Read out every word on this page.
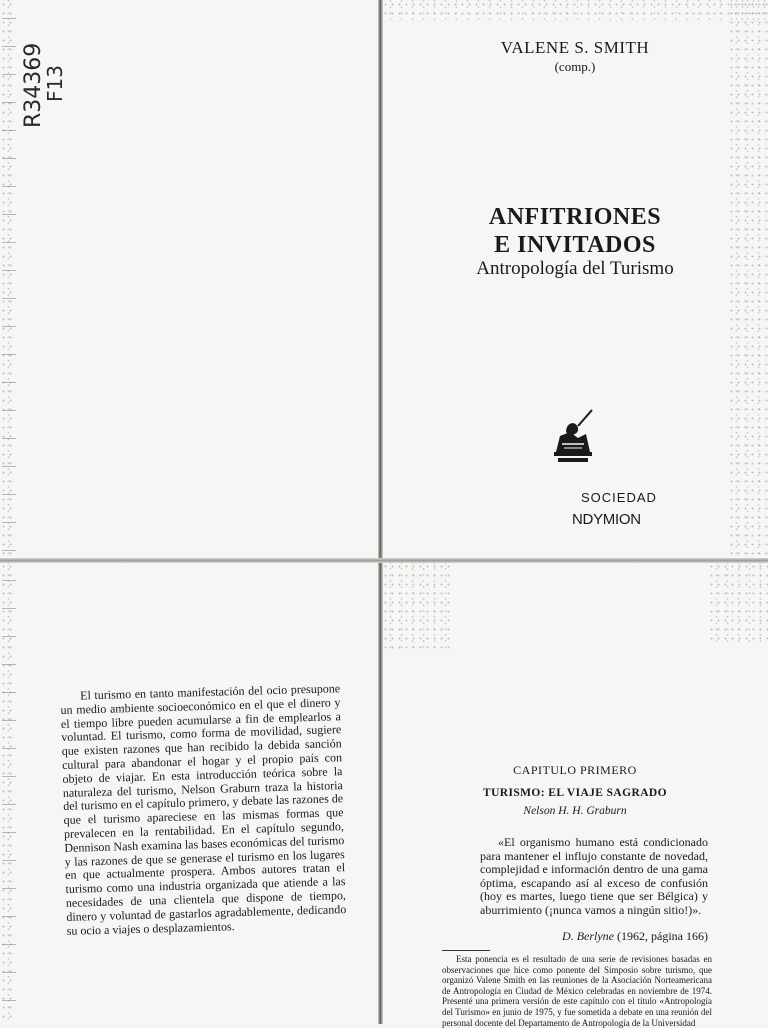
R34369
F13
VALENE S. SMITH
(comp.)
ANFITRIONES
E INVITADOS
Antropología del Turismo
SOCIEDAD
NDYMION

El turismo en tanto manifestación del ocio presupone un medio ambiente socioeconómico en el que el dinero y el tiempo libre pueden acumularse a fin de emplearlos a voluntad. El turismo, como forma de movilidad, sugiere que existen razones que han recibido la debida sanción cultural para abandonar el hogar y el propio país con objeto de viajar. En esta introducción teórica sobre la naturaleza del turismo, Nelson Graburn traza la historia del turismo en el capítulo primero, y debate las razones de que el turismo apareciese en las mismas formas que prevalecen en la rentabilidad. En el capítulo segundo, Dennison Nash examina las bases económicas del turismo y las razones de que se generase el turismo en los lugares en que actualmente prospera. Ambos autores tratan el turismo como una industria organizada que atiende a las necesidades de una clientela que dispone de tiempo, dinero y voluntad de gastarlos agradablemente, dedicando su ocio a viajes o desplazamientos.

CAPITULO PRIMERO
TURISMO: EL VIAJE SAGRADO
Nelson H. H. Graburn

«El organismo humano está condicionado para mantener el influjo constante de novedad, complejidad e información dentro de una gama óptima, escapando así al exceso de confusión (hoy es martes, luego tiene que ser Bélgica) y aburrimiento (¡nunca vamos a ningún sitio!)».

D. Berlyne (1962, página 166)

Esta ponencia es el resultado de una serie de revisiones basadas en observaciones que hice como ponente del Simposio sobre turismo, que organizó Valene Smith en las reuniones de la Asociación Norteamericana de Antropología en Ciudad de México celebradas en noviembre de 1974. Presenté una primera versión de este capítulo con el título «Antropología del Turismo» en junio de 1975, y fue sometida a debate en una reunión del personal docente del Departamento de Antropología de la Universidad
